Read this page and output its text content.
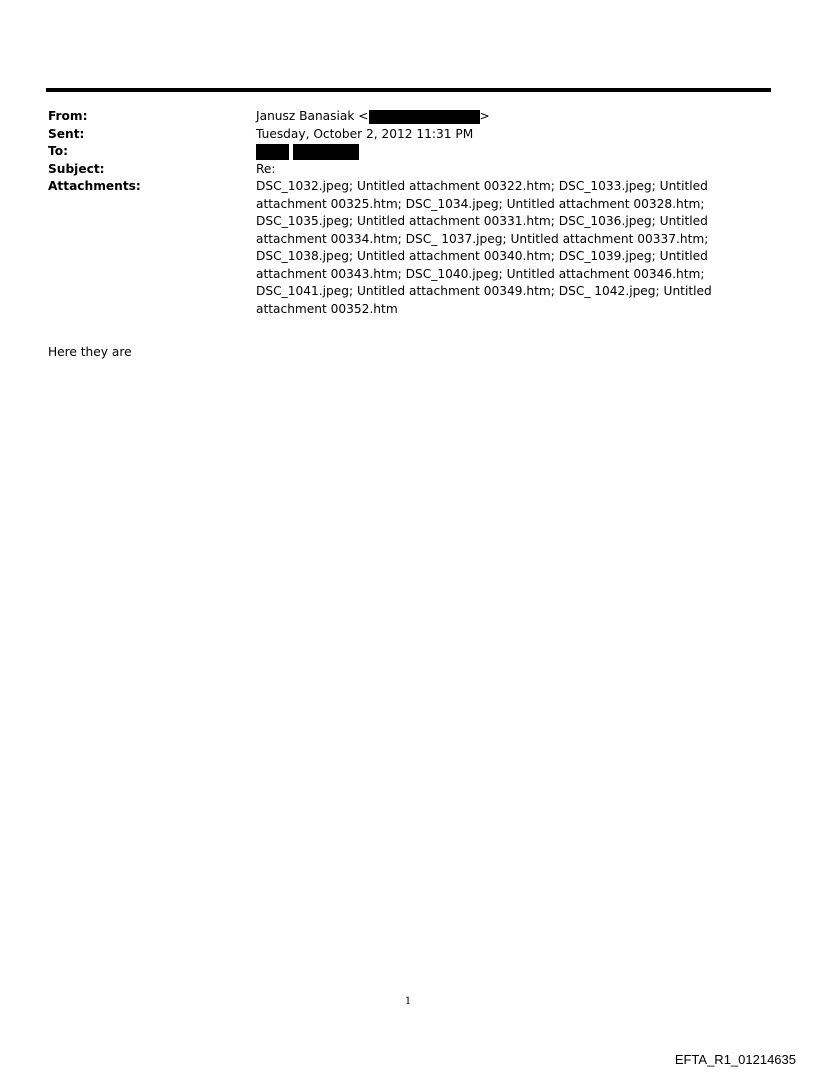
From:	Janusz Banasiak <	>
Sent:	Tuesday, October 2, 2012 11:31 PM
To:

Subject:	Re:
Attachments:	DSC_1032.jpeg; Untitled attachment 00322.htm; DSC_1033.jpeg; Untitled attachment 00325.htm; DSC_1034.jpeg; Untitled attachment 00328.htm; DSC_1035.jpeg; Untitled attachment 00331.htm; DSC_1036.jpeg; Untitled attachment 00334.htm; DSC_ 1037.jpeg; Untitled attachment 00337.htm; DSC_1038.jpeg; Untitled attachment 00340.htm; DSC_1039.jpeg; Untitled attachment 00343.htm; DSC_1040.jpeg; Untitled attachment 00346.htm; DSC_1041.jpeg; Untitled attachment 00349.htm; DSC_ 1042.jpeg; Untitled attachment 00352.htm
Here they are
1
EFTA_R1_01214635
